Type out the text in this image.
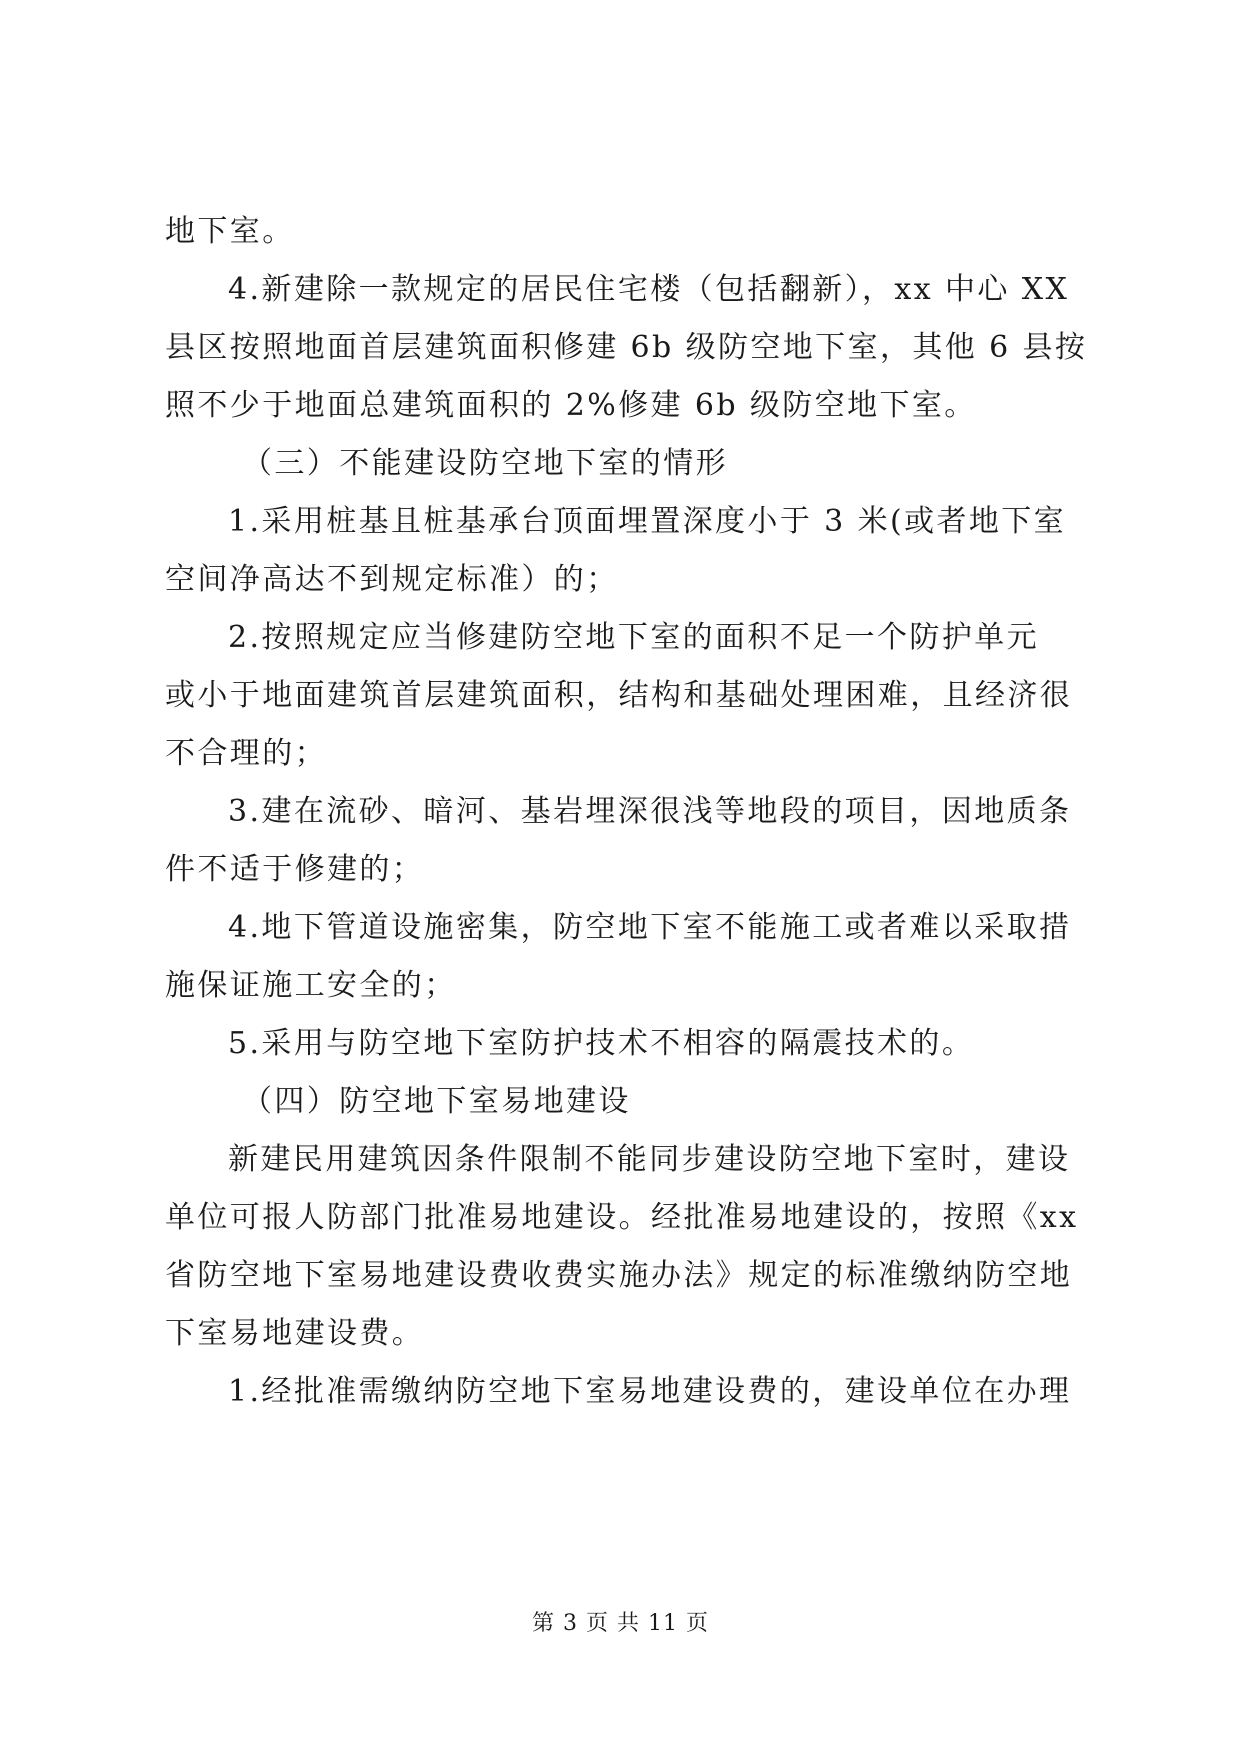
地下室。
4.新建除一款规定的居民住宅楼（包括翻新），xx 中心 XX
县区按照地面首层建筑面积修建 6b 级防空地下室，其他 6 县按
照不少于地面总建筑面积的 2%修建 6b 级防空地下室。
（三）不能建设防空地下室的情形
1.采用桩基且桩基承台顶面埋置深度小于 3 米(或者地下室
空间净高达不到规定标准）的；
2.按照规定应当修建防空地下室的面积不足一个防护单元
或小于地面建筑首层建筑面积，结构和基础处理困难，且经济很
不合理的；
3.建在流砂、暗河、基岩埋深很浅等地段的项目，因地质条
件不适于修建的；
4.地下管道设施密集，防空地下室不能施工或者难以采取措
施保证施工安全的；
5.采用与防空地下室防护技术不相容的隔震技术的。
（四）防空地下室易地建设
新建民用建筑因条件限制不能同步建设防空地下室时，建设
单位可报人防部门批准易地建设。经批准易地建设的，按照《xx
省防空地下室易地建设费收费实施办法》规定的标准缴纳防空地
下室易地建设费。
1.经批准需缴纳防空地下室易地建设费的，建设单位在办理
第 3 页 共 11 页
